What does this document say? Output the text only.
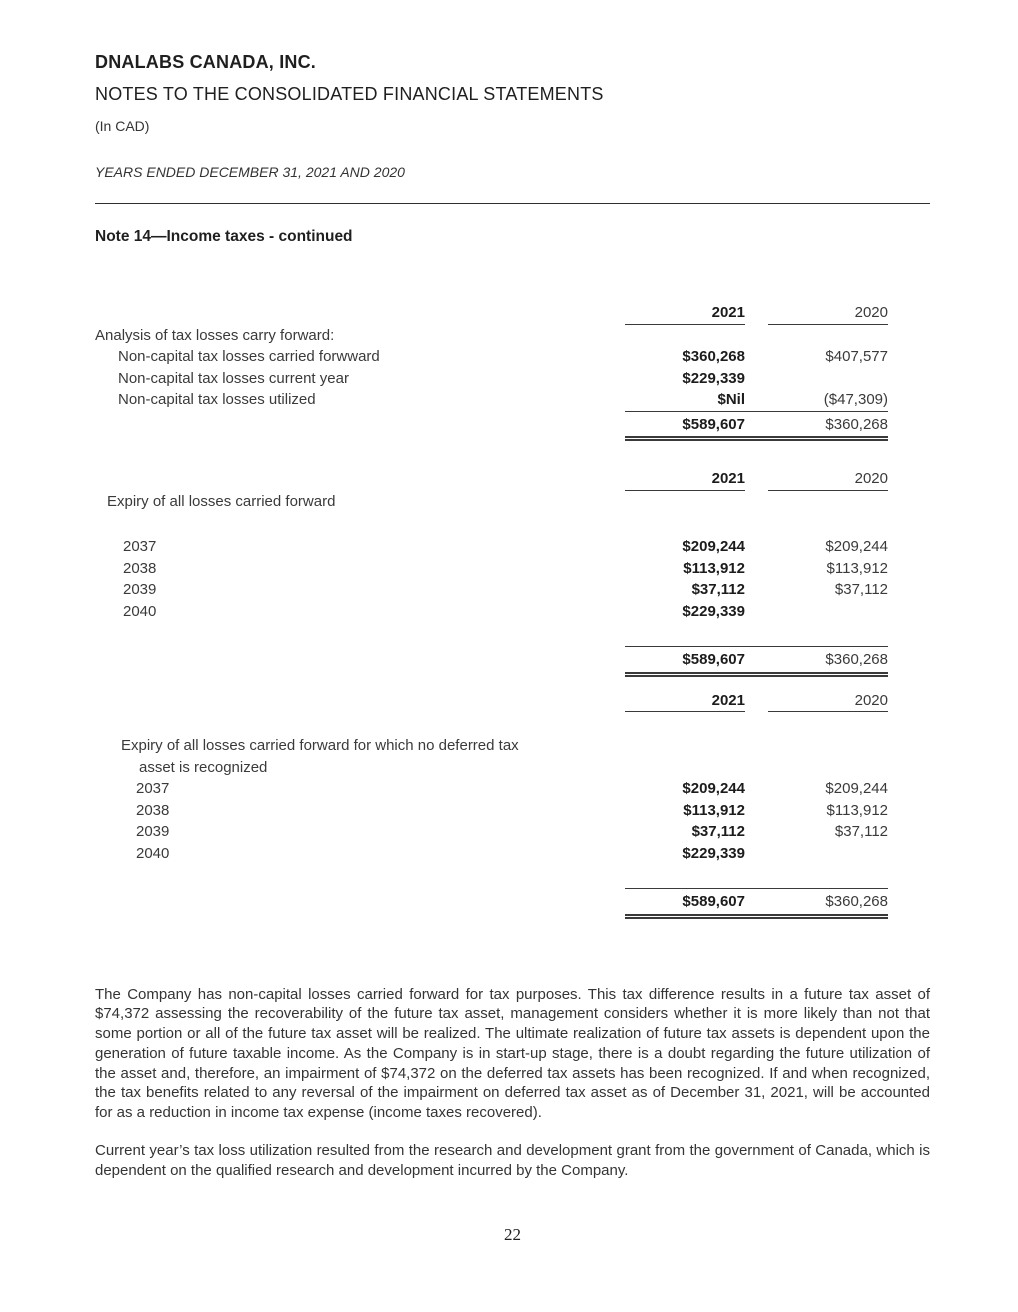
DNALABS CANADA, INC.
NOTES TO THE CONSOLIDATED FINANCIAL STATEMENTS
(In CAD)
YEARS ENDED DECEMBER 31, 2021 AND 2020
Note 14—Income taxes - continued
2021	2020
Analysis of tax losses carry forward:
Non-capital tax losses carried forwward	$360,268	$407,577
Non-capital tax losses current year	$229,339
Non-capital tax losses utilized	$Nil	($47,309)
$589,607	$360,268
2021	2020
Expiry of all losses carried forward
2037	$209,244	$209,244
2038	$113,912	$113,912
2039	$37,112	$37,112
2040	$229,339
$589,607	$360,268
2021	2020
Expiry of all losses carried forward for which no deferred tax
asset is recognized
2037	$209,244	$209,244
2038	$113,912	$113,912
2039	$37,112	$37,112
2040	$229,339
$589,607	$360,268
The Company has non-capital losses carried forward for tax purposes. This tax difference results in a future tax asset of $74,372 assessing the recoverability of the future tax asset, management considers whether it is more likely than not that some portion or all of the future tax asset will be realized. The ultimate realization of future tax assets is dependent upon the generation of future taxable income. As the Company is in start-up stage, there is a doubt regarding the future utilization of the asset and, therefore, an impairment of $74,372 on the deferred tax assets has been recognized. If and when recognized, the tax benefits related to any reversal of the impairment on deferred tax asset as of December 31, 2021, will be accounted for as a reduction in income tax expense (income taxes recovered).
Current year’s tax loss utilization resulted from the research and development grant from the government of Canada, which is dependent on the qualified research and development incurred by the Company.
22
